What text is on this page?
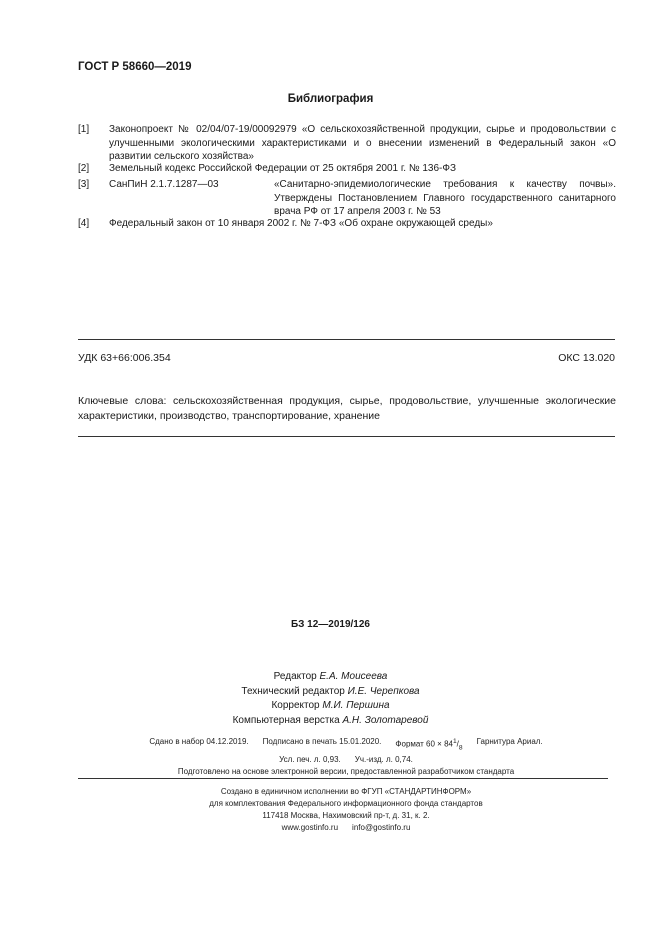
ГОСТ Р 58660—2019
Библиография
[1] Законопроект № 02/04/07-19/00092979 «О сельскохозяйственной продукции, сырье и продовольствии с улучшенными экологическими характеристиками и о внесении изменений в Федеральный закон «О развитии сельского хозяйства»
[2] Земельный кодекс Российской Федерации от 25 октября 2001 г. № 136-ФЗ
[3] СанПиН 2.1.7.1287—03	«Санитарно-эпидемиологические требования к качеству почвы». Утверждены Постановлением Главного государственного санитарного врача РФ от 17 апреля 2003 г. № 53
[4] Федеральный закон от 10 января 2002 г. № 7-ФЗ «Об охране окружающей среды»
УДК 63+66:006.354	ОКС 13.020
Ключевые слова: сельскохозяйственная продукция, сырье, продовольствие, улучшенные экологические характеристики, производство, транспортирование, хранение
БЗ 12—2019/126
Редактор Е.А. Моисеева
Технический редактор И.Е. Черепкова
Корректор М.И. Першина
Компьютерная верстка А.Н. Золотаревой
Сдано в набор 04.12.2019. Подписано в печать 15.01.2020. Формат $60 \times 84^1/_8$
Гарнитура Ариал.
Усл. печ. л. 0,93. Уч.-изд. л. 0,74.
Подготовлено на основе электронной версии, предоставленной разработчиком стандарта
Создано в единичном исполнении во ФГУП «СТАНДАРТИНФОРМ»
для комплектования Федерального информационного фонда стандартов
117418 Москва, Нахимовский пр-т, д. 31, к. 2.
www.gostinfo.ru info@gostinfo.ru
